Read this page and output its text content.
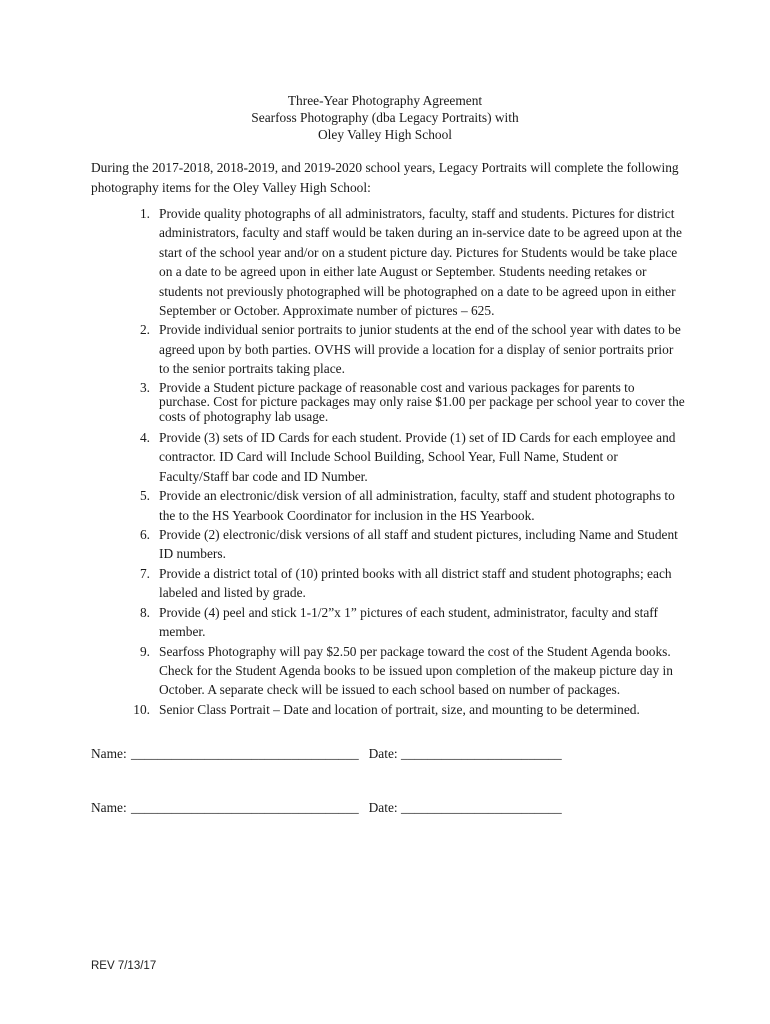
Three-Year Photography Agreement
Searfoss Photography (dba Legacy Portraits) with
Oley Valley High School
During the 2017-2018, 2018-2019, and 2019-2020 school years, Legacy Portraits will complete the following photography items for the Oley Valley High School:
1. Provide quality photographs of all administrators, faculty, staff and students. Pictures for district administrators, faculty and staff would be taken during an in-service date to be agreed upon at the start of the school year and/or on a student picture day. Pictures for Students would be take place on a date to be agreed upon in either late August or September. Students needing retakes or students not previously photographed will be photographed on a date to be agreed upon in either September or October. Approximate number of pictures – 625.
2. Provide individual senior portraits to junior students at the end of the school year with dates to be agreed upon by both parties. OVHS will provide a location for a display of senior portraits prior to the senior portraits taking place.
3. Provide a Student picture package of reasonable cost and various packages for parents to purchase. Cost for picture packages may only raise $1.00 per package per school year to cover the costs of photography lab usage.
4. Provide (3) sets of ID Cards for each student. Provide (1) set of ID Cards for each employee and contractor. ID Card will Include School Building, School Year, Full Name, Student or Faculty/Staff bar code and ID Number.
5. Provide an electronic/disk version of all administration, faculty, staff and student photographs to the to the HS Yearbook Coordinator for inclusion in the HS Yearbook.
6. Provide (2) electronic/disk versions of all staff and student pictures, including Name and Student ID numbers.
7. Provide a district total of (10) printed books with all district staff and student photographs; each labeled and listed by grade.
8. Provide (4) peel and stick 1-1/2”x 1” pictures of each student, administrator, faculty and staff member.
9. Searfoss Photography will pay $2.50 per package toward the cost of the Student Agenda books. Check for the Student Agenda books to be issued upon completion of the makeup picture day in October. A separate check will be issued to each school based on number of packages.
10. Senior Class Portrait – Date and location of portrait, size, and mounting to be determined.
Name: __________________________________ Date: ________________________
Name: __________________________________ Date: ________________________
REV 7/13/17
